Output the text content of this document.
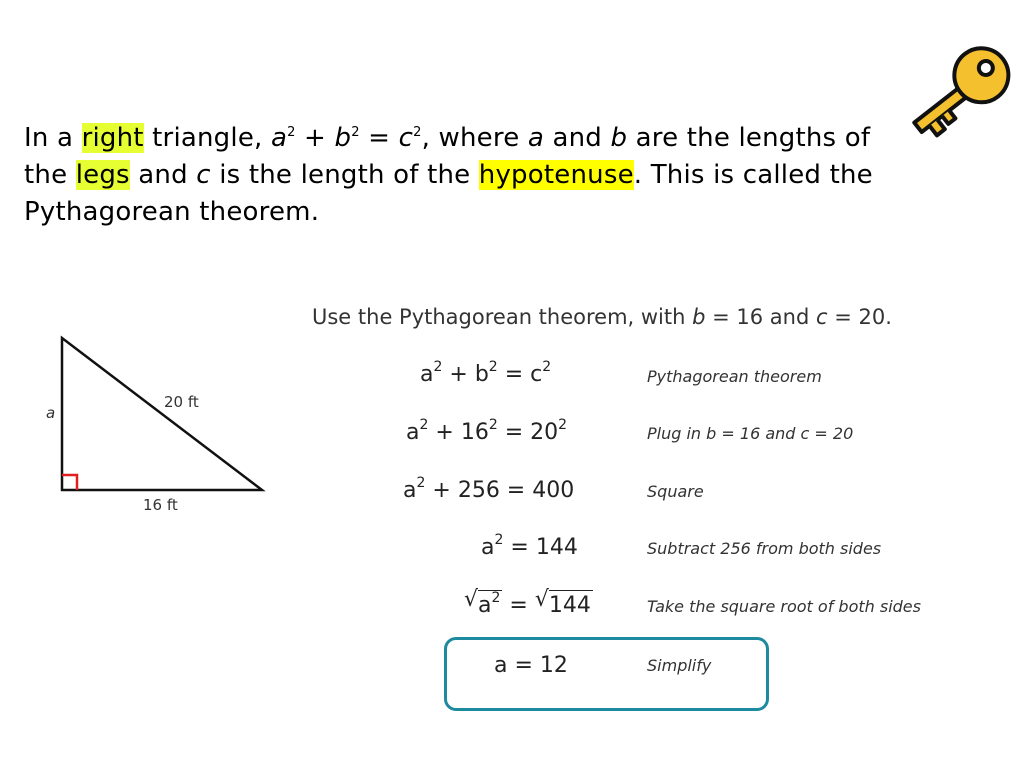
In a right triangle, $a^2 + b^2 = c^2$, where a and b are the lengths of the legs and c is the length of the hypotenuse. This is called the Pythagorean theorem.
a
20 ft
16 ft
Use the Pythagorean theorem, with b = 16 and c = 20.
$a^2 + b^2 = c^2$	Pythagorean theorem
$a^2 + 16^2 = 20^2$	Plug in b = 16 and c = 20
$a^2 + 256 = 400$	Square
$a^2 = 144$	Subtract 256 from both sides
√ $a^2$ = √ 144	Take the square root of both sides
a = 12	Simplify
